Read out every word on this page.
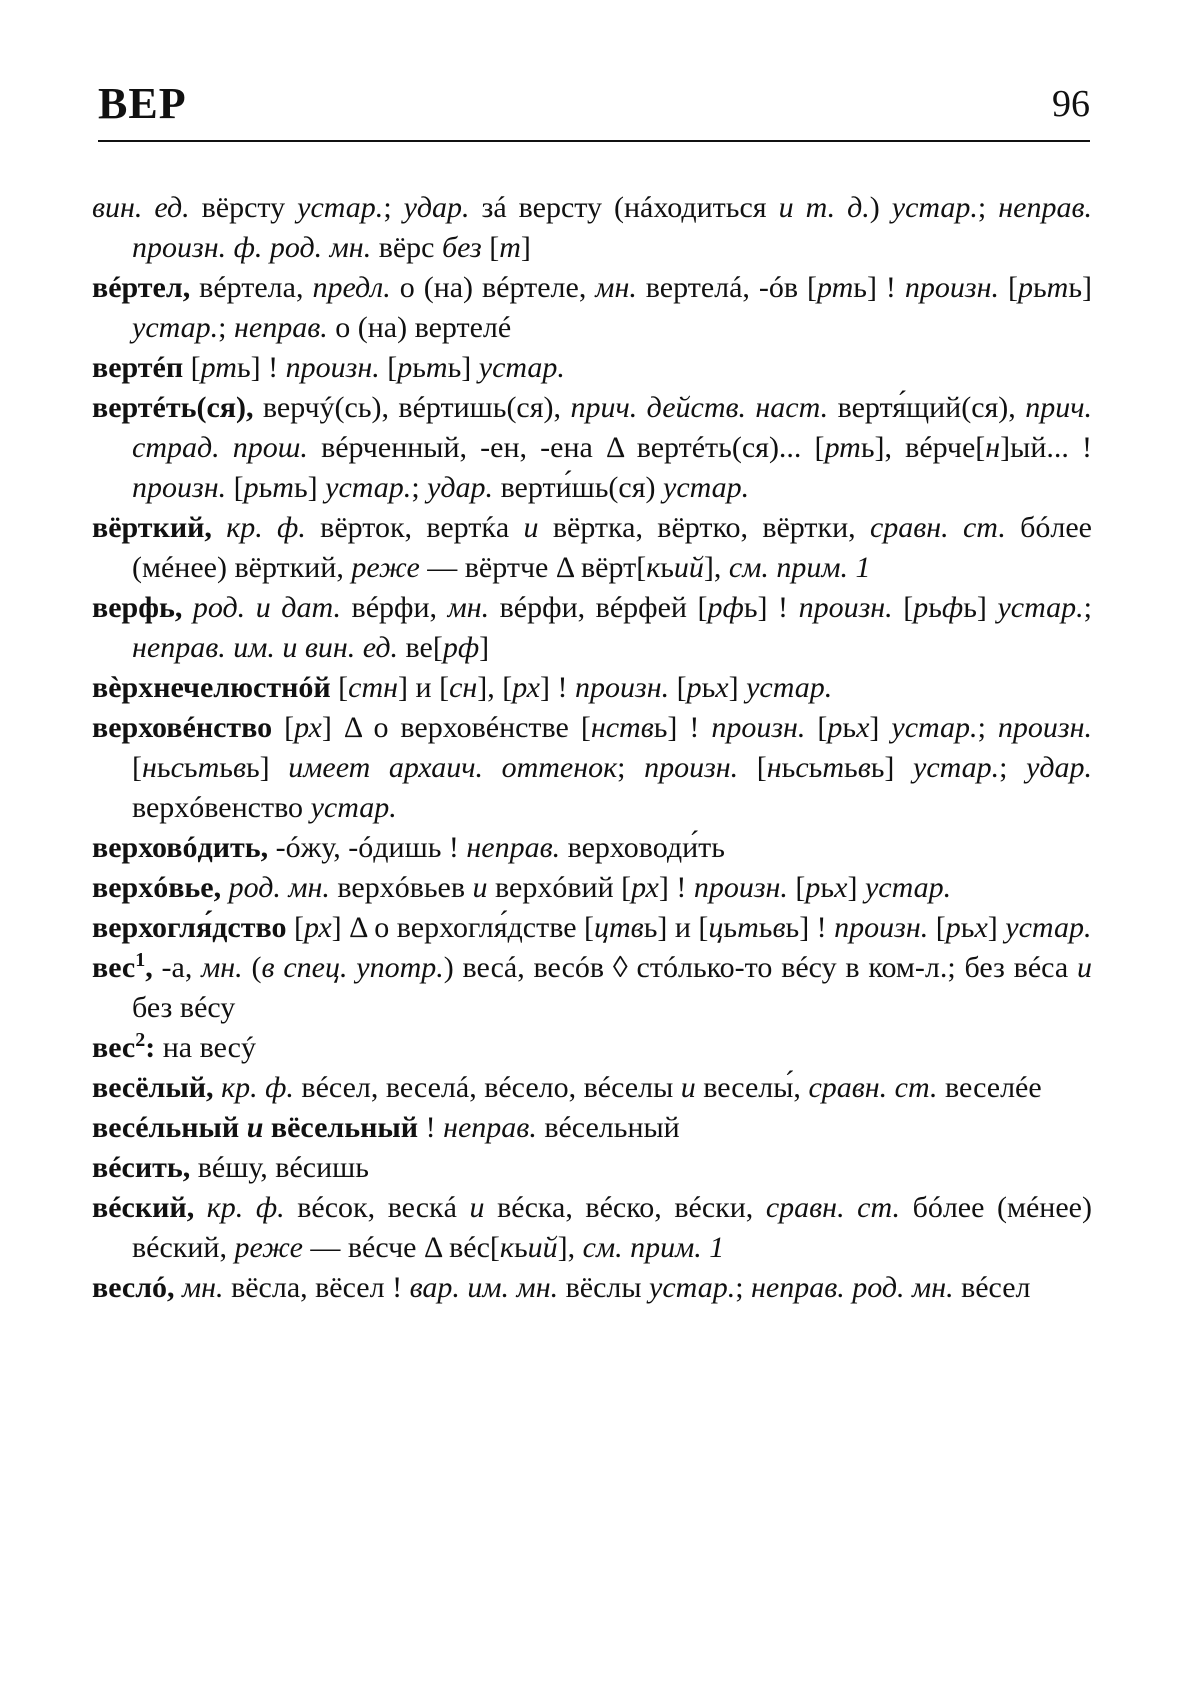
ВЕР	96
вин. ед. вёрсту устар.; удар. зá версту (нáходиться и т. д.) устар.; неправ. произн. ф. род. мн. вёрс без [т]
вéртел, вéртела, предл. о (на) вéртеле, мн. вертелá, -óв [рть] ! произн. [рьть] устар.; неправ. о (на) вертелé
вертéп [рть] ! произн. [рьть] устар.
вертéть(ся), верчý(сь), вéртишь(ся), прич. действ. наст. вертя́щий(ся), прич. страд. прош. вéрченный, -ен, -ена Δ вертéть(ся)... [рть], вéрче[н]ый... ! произн. [рьть] устар.; удар. верти́шь(ся) устар.
вёрткий, кр. ф. вёрток, вертќа и вёртка, вёртко, вёртки, сравн. ст. бóлее (мéнее) вёрткий, реже — вёртче Δ вёрт[кьий], см. прим. 1
верфь, род. и дат. вéрфи, мн. вéрфи, вéрфей [рфь] ! произн. [рьфь] устар.; неправ. им. и вин. ед. ве[рф]
вѐрхнечелюстнóй [стн] и [сн], [рх] ! произн. [рьх] устар.
верховéнство [рх] Δ о верховéнстве [нствь] ! произн. [рьх] устар.; произн. [ньсьтьвь] имеет архаич. оттенок; произн. [ньсьтьвь] устар.; удар. верхóвенство устар.
верховóдить, -óжу, -óдишь ! неправ. верховоди́ть
верхóвье, род. мн. верхóвьев и верхóвий [рх] ! произн. [рьх] устар.
верхогля́дство [рх] Δ о верхогля́дстве [цтвь] и [цьтьвь] ! произн. [рьх] устар.
вес$^1$, -а, мн. (в спец. употр.) весá, весóв ◊ стóлько-то вéсу в ком-л.; без вéса и без вéсу
вес$^2$: на весý
весёлый, кр. ф. вéсел, веселá, вéсело, вéселы и веселы́, сравн. ст. веселéе
весéльный и вёсельный ! неправ. вéсельный
вéсить, вéшу, вéсишь
вéский, кр. ф. вéсок, вескá и вéска, вéско, вéски, сравн. ст. бóлее (мéнее) вéский, реже — вéсче Δ вéс[кьий], см. прим. 1
веслó, мн. вёсла, вёсел ! вар. им. мн. вёслы устар.; неправ. род. мн. вéсел
